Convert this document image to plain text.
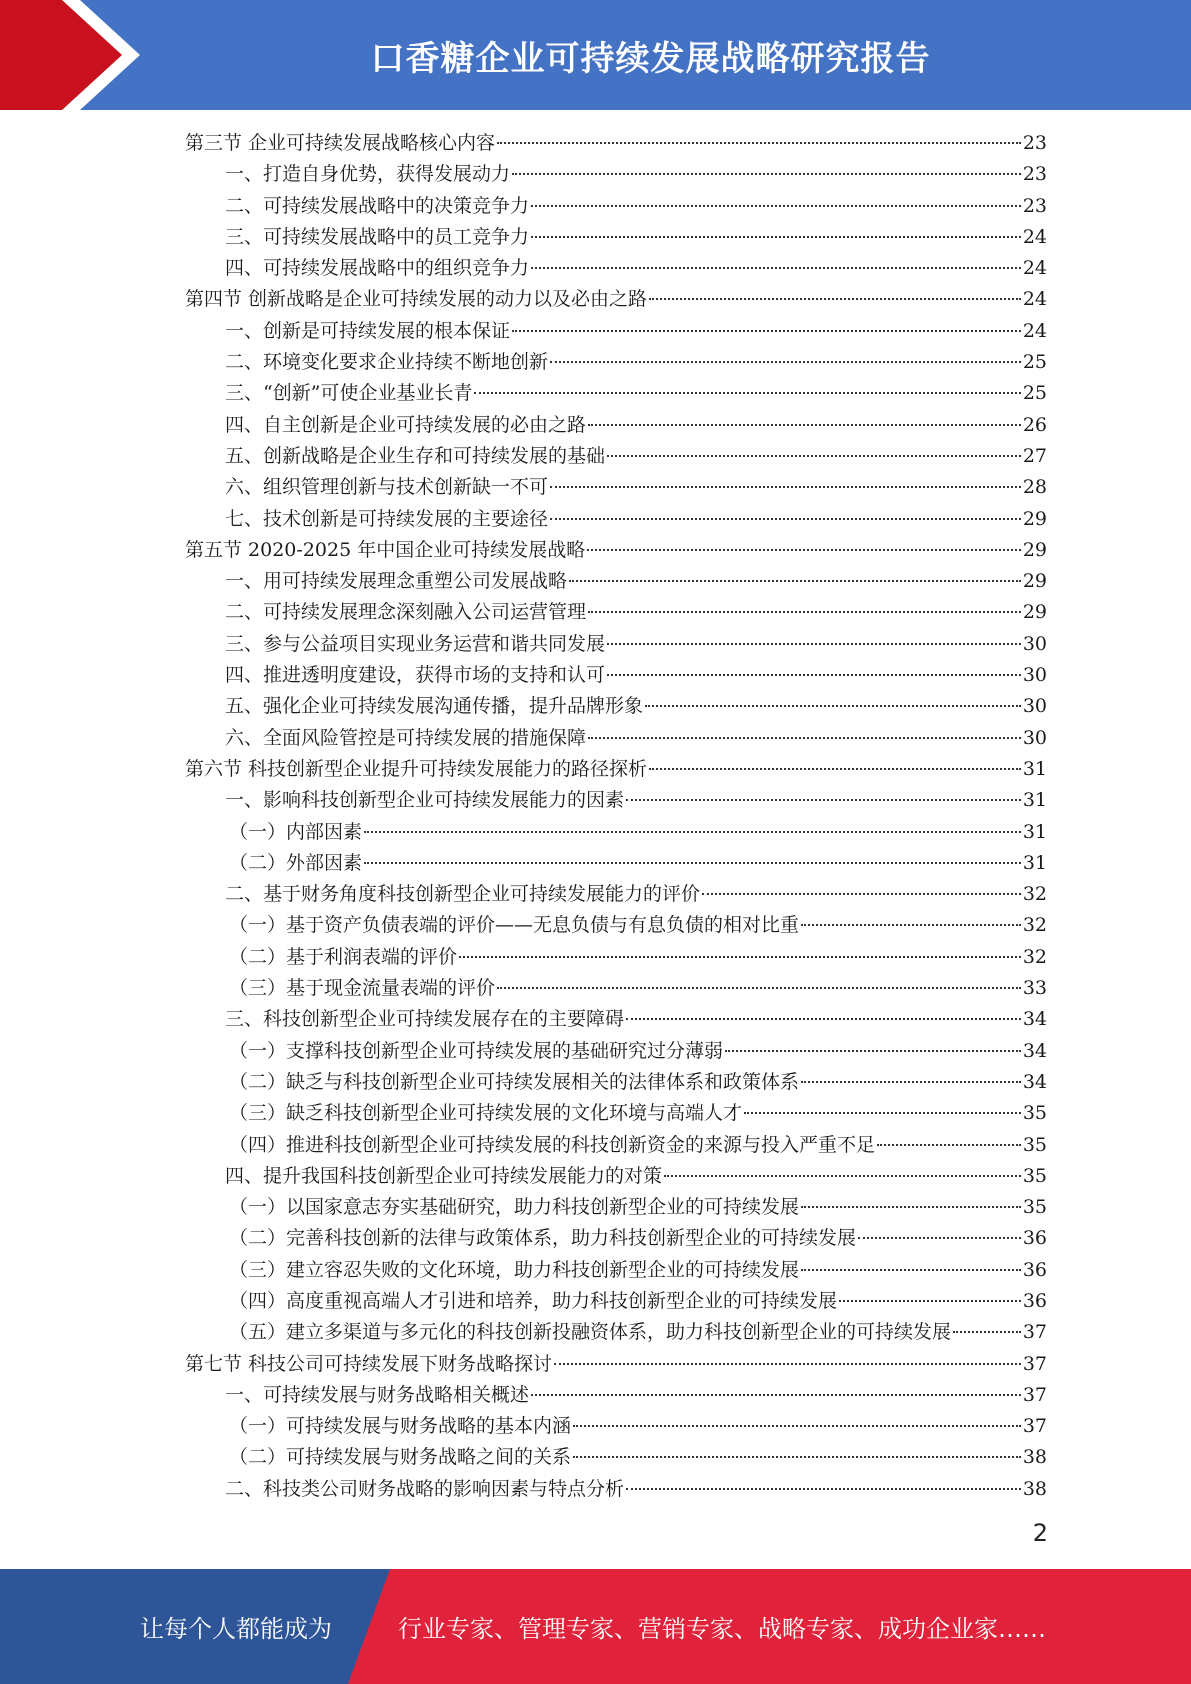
口香糖企业可持续发展战略研究报告
第三节 企业可持续发展战略核心内容	23
一、打造自身优势，获得发展动力	23
二、可持续发展战略中的决策竞争力	23
三、可持续发展战略中的员工竞争力	24
四、可持续发展战略中的组织竞争力	24
第四节 创新战略是企业可持续发展的动力以及必由之路	24
一、创新是可持续发展的根本保证	24
二、环境变化要求企业持续不断地创新	25
三、“创新”可使企业基业长青	25
四、自主创新是企业可持续发展的必由之路	26
五、创新战略是企业生存和可持续发展的基础	27
六、组织管理创新与技术创新缺一不可	28
七、技术创新是可持续发展的主要途径	29
第五节 2020-2025 年中国企业可持续发展战略	29
一、用可持续发展理念重塑公司发展战略	29
二、可持续发展理念深刻融入公司运营管理	29
三、参与公益项目实现业务运营和谐共同发展	30
四、推进透明度建设，获得市场的支持和认可	30
五、强化企业可持续发展沟通传播，提升品牌形象	30
六、全面风险管控是可持续发展的措施保障	30
第六节 科技创新型企业提升可持续发展能力的路径探析	31
一、影响科技创新型企业可持续发展能力的因素	31
（一）内部因素	31
（二）外部因素	31
二、基于财务角度科技创新型企业可持续发展能力的评价	32
（一）基于资产负债表端的评价——无息负债与有息负债的相对比重	32
（二）基于利润表端的评价	32
（三）基于现金流量表端的评价	33
三、科技创新型企业可持续发展存在的主要障碍	34
（一）支撑科技创新型企业可持续发展的基础研究过分薄弱	34
（二）缺乏与科技创新型企业可持续发展相关的法律体系和政策体系	34
（三）缺乏科技创新型企业可持续发展的文化环境与高端人才	35
（四）推进科技创新型企业可持续发展的科技创新资金的来源与投入严重不足	35
四、提升我国科技创新型企业可持续发展能力的对策	35
（一）以国家意志夯实基础研究，助力科技创新型企业的可持续发展	35
（二）完善科技创新的法律与政策体系，助力科技创新型企业的可持续发展	36
（三）建立容忍失败的文化环境，助力科技创新型企业的可持续发展	36
（四）高度重视高端人才引进和培养，助力科技创新型企业的可持续发展	36
（五）建立多渠道与多元化的科技创新投融资体系，助力科技创新型企业的可持续发展	37
第七节 科技公司可持续发展下财务战略探讨	37
一、可持续发展与财务战略相关概述	37
（一）可持续发展与财务战略的基本内涵	37
（二）可持续发展与财务战略之间的关系	38
二、科技类公司财务战略的影响因素与特点分析	38
2
让每个人都能成为	行业专家、管理专家、营销专家、战略专家、成功企业家……
